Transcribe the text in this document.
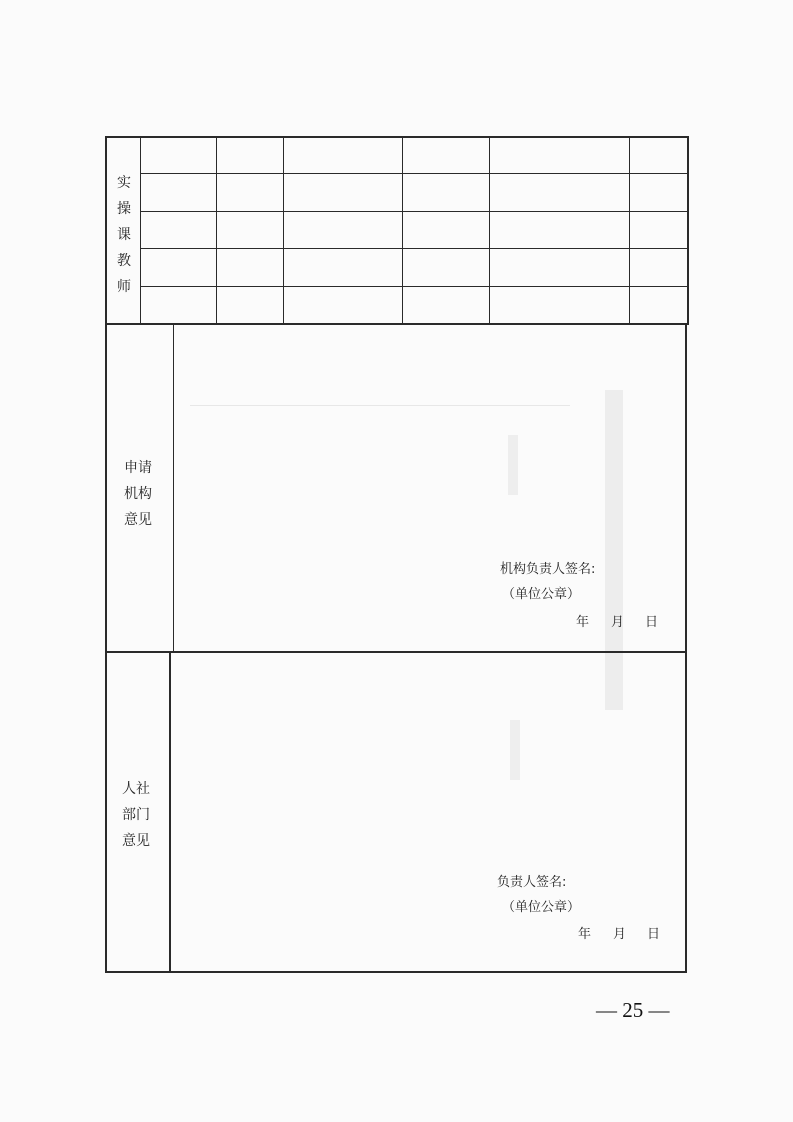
实
操
课
教
师
申请
机构
意见
机构负责人签名:
（单位公章）

年

月

日

人社
部门
意见
负责人签名:
（单位公章）

年

月

日

— 25 —
